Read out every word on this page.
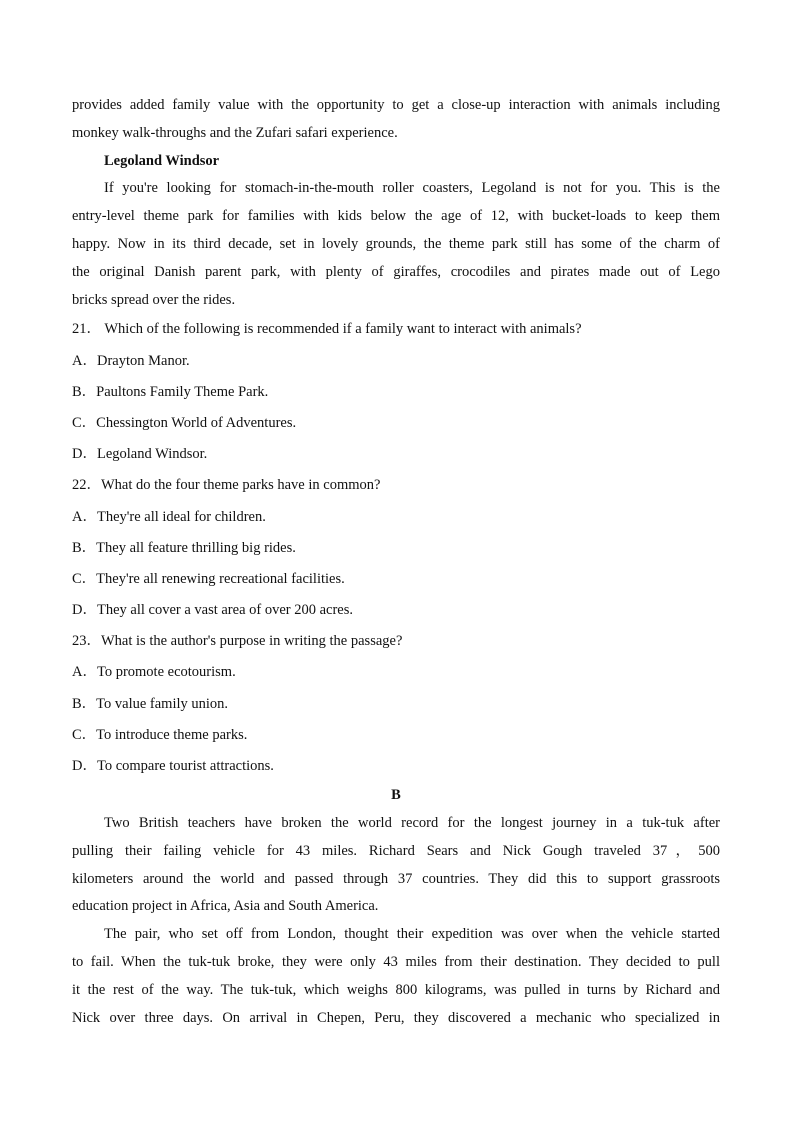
provides added family value with the opportunity to get a close-up interaction with animals including
monkey walk-throughs and the Zufari safari experience.
Legoland Windsor
If you're looking for stomach-in-the-mouth roller coasters, Legoland is not for you. This is the
entry-level theme park for families with kids below the age of 12, with bucket-loads to keep them
happy. Now in its third decade, set in lovely grounds, the theme park still has some of the charm of
the original Danish parent park, with plenty of giraffes, crocodiles and pirates made out of Lego
bricks spread over the rides.
21． Which of the following is recommended if a family want to interact with animals?
A．Drayton Manor.
B．Paultons Family Theme Park.
C．Chessington World of Adventures.
D．Legoland Windsor.
22．What do the four theme parks have in common?
A．They're all ideal for children.
B．They all feature thrilling big rides.
C．They're all renewing recreational facilities.
D．They all cover a vast area of over 200 acres.
23．What is the author's purpose in writing the passage?
A．To promote ecotourism.
B．To value family union.
C．To introduce theme parks.
D．To compare tourist attractions.
B
Two British teachers have broken the world record for the longest journey in a tuk-tuk after
pulling their failing vehicle for 43 miles. Richard Sears and Nick Gough traveled 37，500
kilometers around the world and passed through 37 countries. They did this to support grassroots
education project in Africa, Asia and South America.
The pair, who set off from London, thought their expedition was over when the vehicle started
to fail. When the tuk-tuk broke, they were only 43 miles from their destination. They decided to pull
it the rest of the way. The tuk-tuk, which weighs 800 kilograms, was pulled in turns by Richard and
Nick over three days. On arrival in Chepen, Peru, they discovered a mechanic who specialized in
